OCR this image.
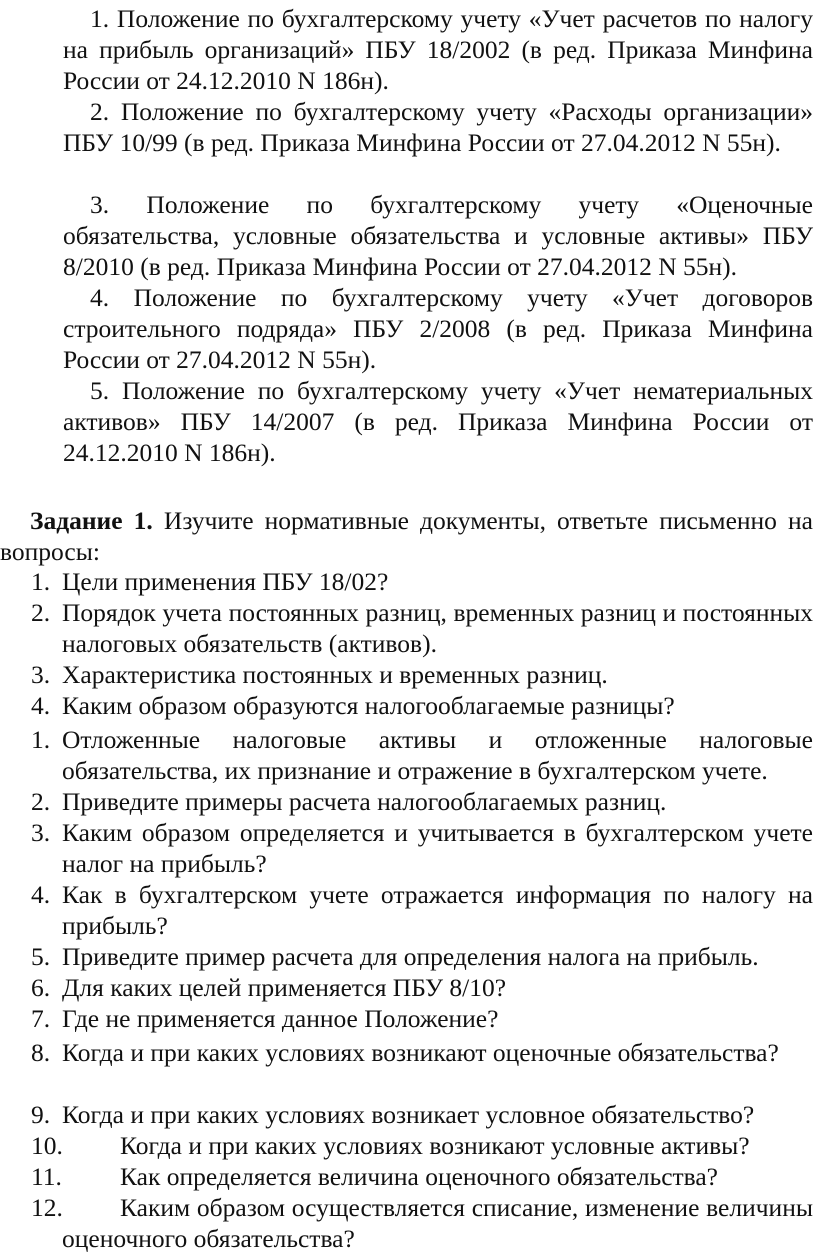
1. Положение по бухгалтерскому учету «Учет расчетов по налогу на прибыль организаций» ПБУ 18/2002 (в ред. Приказа Минфина России от 24.12.2010 N 186н).
2. Положение по бухгалтерскому учету «Расходы организации» ПБУ 10/99 (в ред. Приказа Минфина России от 27.04.2012 N 55н).
3. Положение по бухгалтерскому учету «Оценочные обязательства, условные обязательства и условные активы» ПБУ 8/2010 (в ред. Приказа Минфина России от 27.04.2012 N 55н).
4. Положение по бухгалтерскому учету «Учет договоров строительного подряда» ПБУ 2/2008 (в ред. Приказа Минфина России от 27.04.2012 N 55н).
5. Положение по бухгалтерскому учету «Учет нематериальных активов» ПБУ 14/2007 (в ред. Приказа Минфина России от 24.12.2010 N 186н).
Задание 1. Изучите нормативные документы, ответьте письменно на вопросы:
1. Цели применения ПБУ 18/02?
2. Порядок учета постоянных разниц, временных разниц и постоянных налоговых обязательств (активов).
3. Характеристика постоянных и временных разниц.
4. Каким образом образуются налогооблагаемые разницы?
1. Отложенные налоговые активы и отложенные налоговые обязательства, их признание и отражение в бухгалтерском учете.
2. Приведите примеры расчета налогооблагаемых разниц.
3. Каким образом определяется и учитывается в бухгалтерском учете налог на прибыль?
4. Как в бухгалтерском учете отражается информация по налогу на прибыль?
5. Приведите пример расчета для определения налога на прибыль.
6. Для каких целей применяется ПБУ 8/10?
7. Где не применяется данное Положение?
8. Когда и при каких условиях возникают оценочные обязательства?
9. Когда и при каких условиях возникает условное обязательство?
10. Когда и при каких условиях возникают условные активы?
11. Как определяется величина оценочного обязательства?
12.	Каким образом осуществляется списание, изменение величины оценочного обязательства?
